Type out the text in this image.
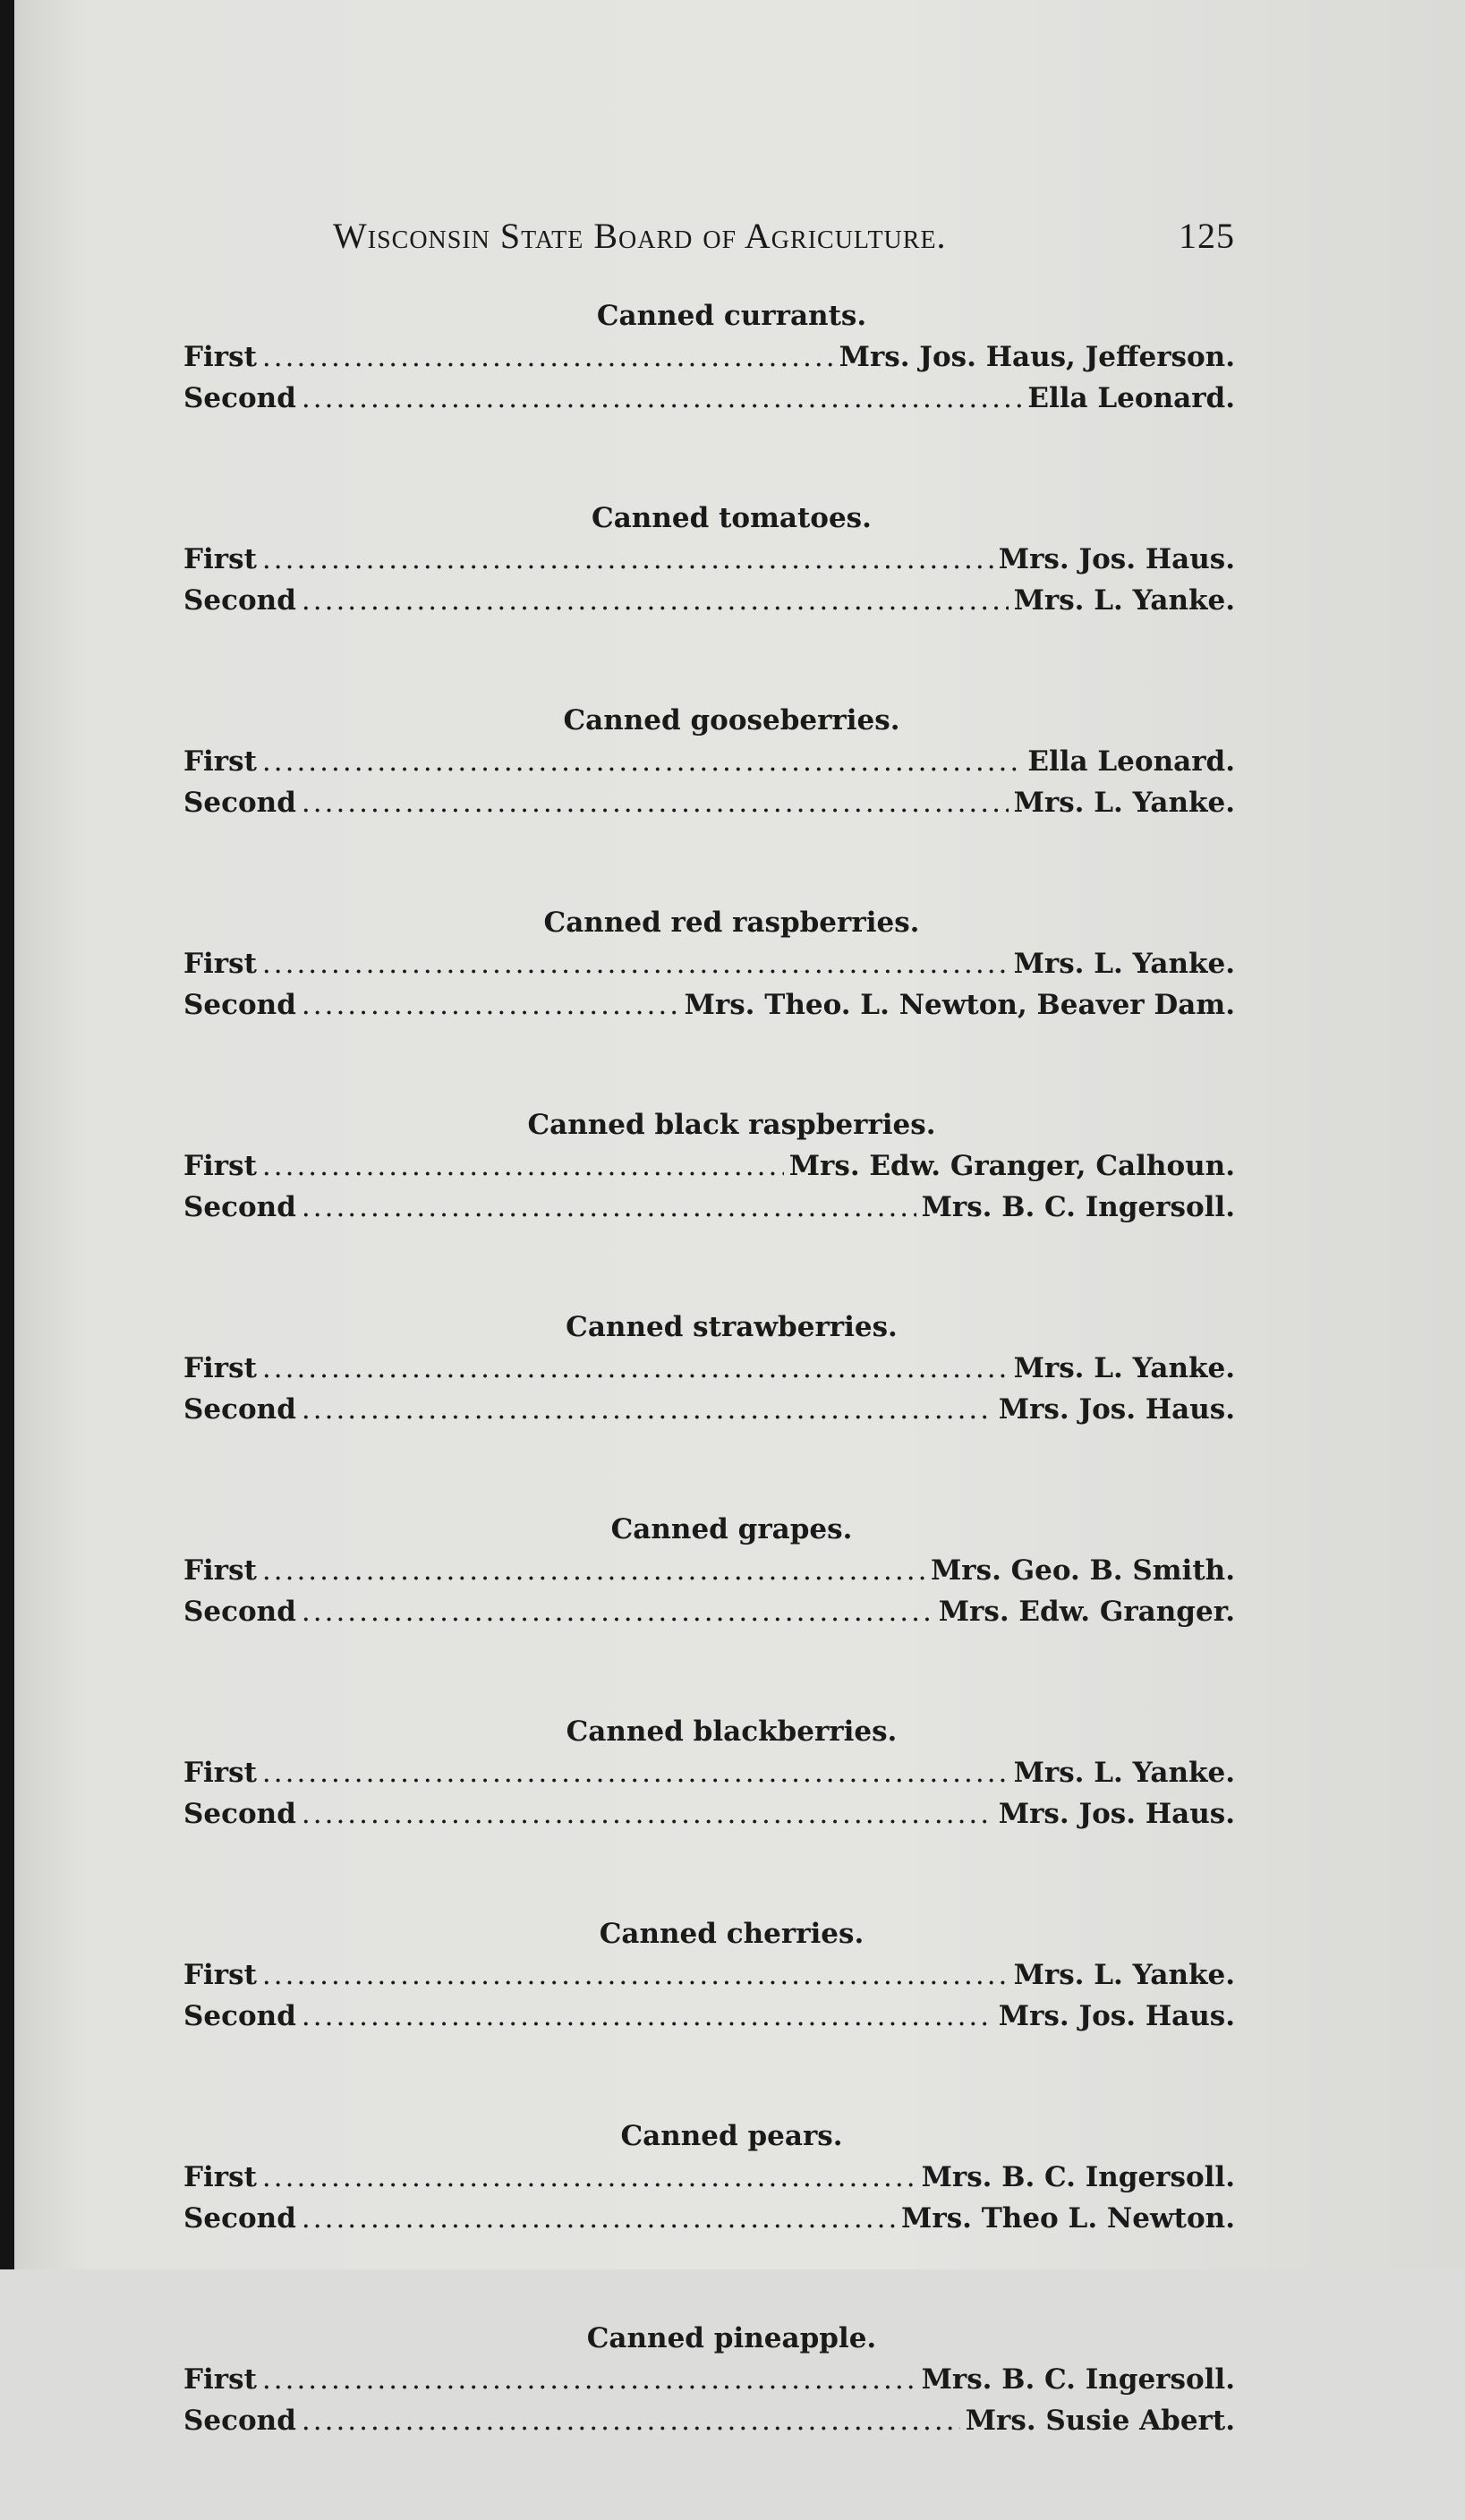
Wisconsin State Board of Agriculture.	125
Canned currants.
First .....	Mrs. Jos. Haus, Jefferson.
Second .....	Ella Leonard.
Canned tomatoes.
First .....	Mrs. Jos. Haus.
Second .....	Mrs. L. Yanke.
Canned gooseberries.
First .....	Ella Leonard.
Second .....	Mrs. L. Yanke.
Canned red raspberries.
First .....	Mrs. L. Yanke.
Second .....	Mrs. Theo. L. Newton, Beaver Dam.
Canned black raspberries.
First .....	Mrs. Edw. Granger, Calhoun.
Second .....	Mrs. B. C. Ingersoll.
Canned strawberries.
First .....	Mrs. L. Yanke.
Second .....	Mrs. Jos. Haus.
Canned grapes.
First .....	Mrs. Geo. B. Smith.
Second .....	Mrs. Edw. Granger.
Canned blackberries.
First .....	Mrs. L. Yanke.
Second .....	Mrs. Jos. Haus.
Canned cherries.
First .....	Mrs. L. Yanke.
Second .....	Mrs. Jos. Haus.
Canned pears.
First .....	Mrs. B. C. Ingersoll.
Second .....	Mrs. Theo L. Newton.
Canned pineapple.
First .....	Mrs. B. C. Ingersoll.
Second .....	Mrs. Susie Abert.
